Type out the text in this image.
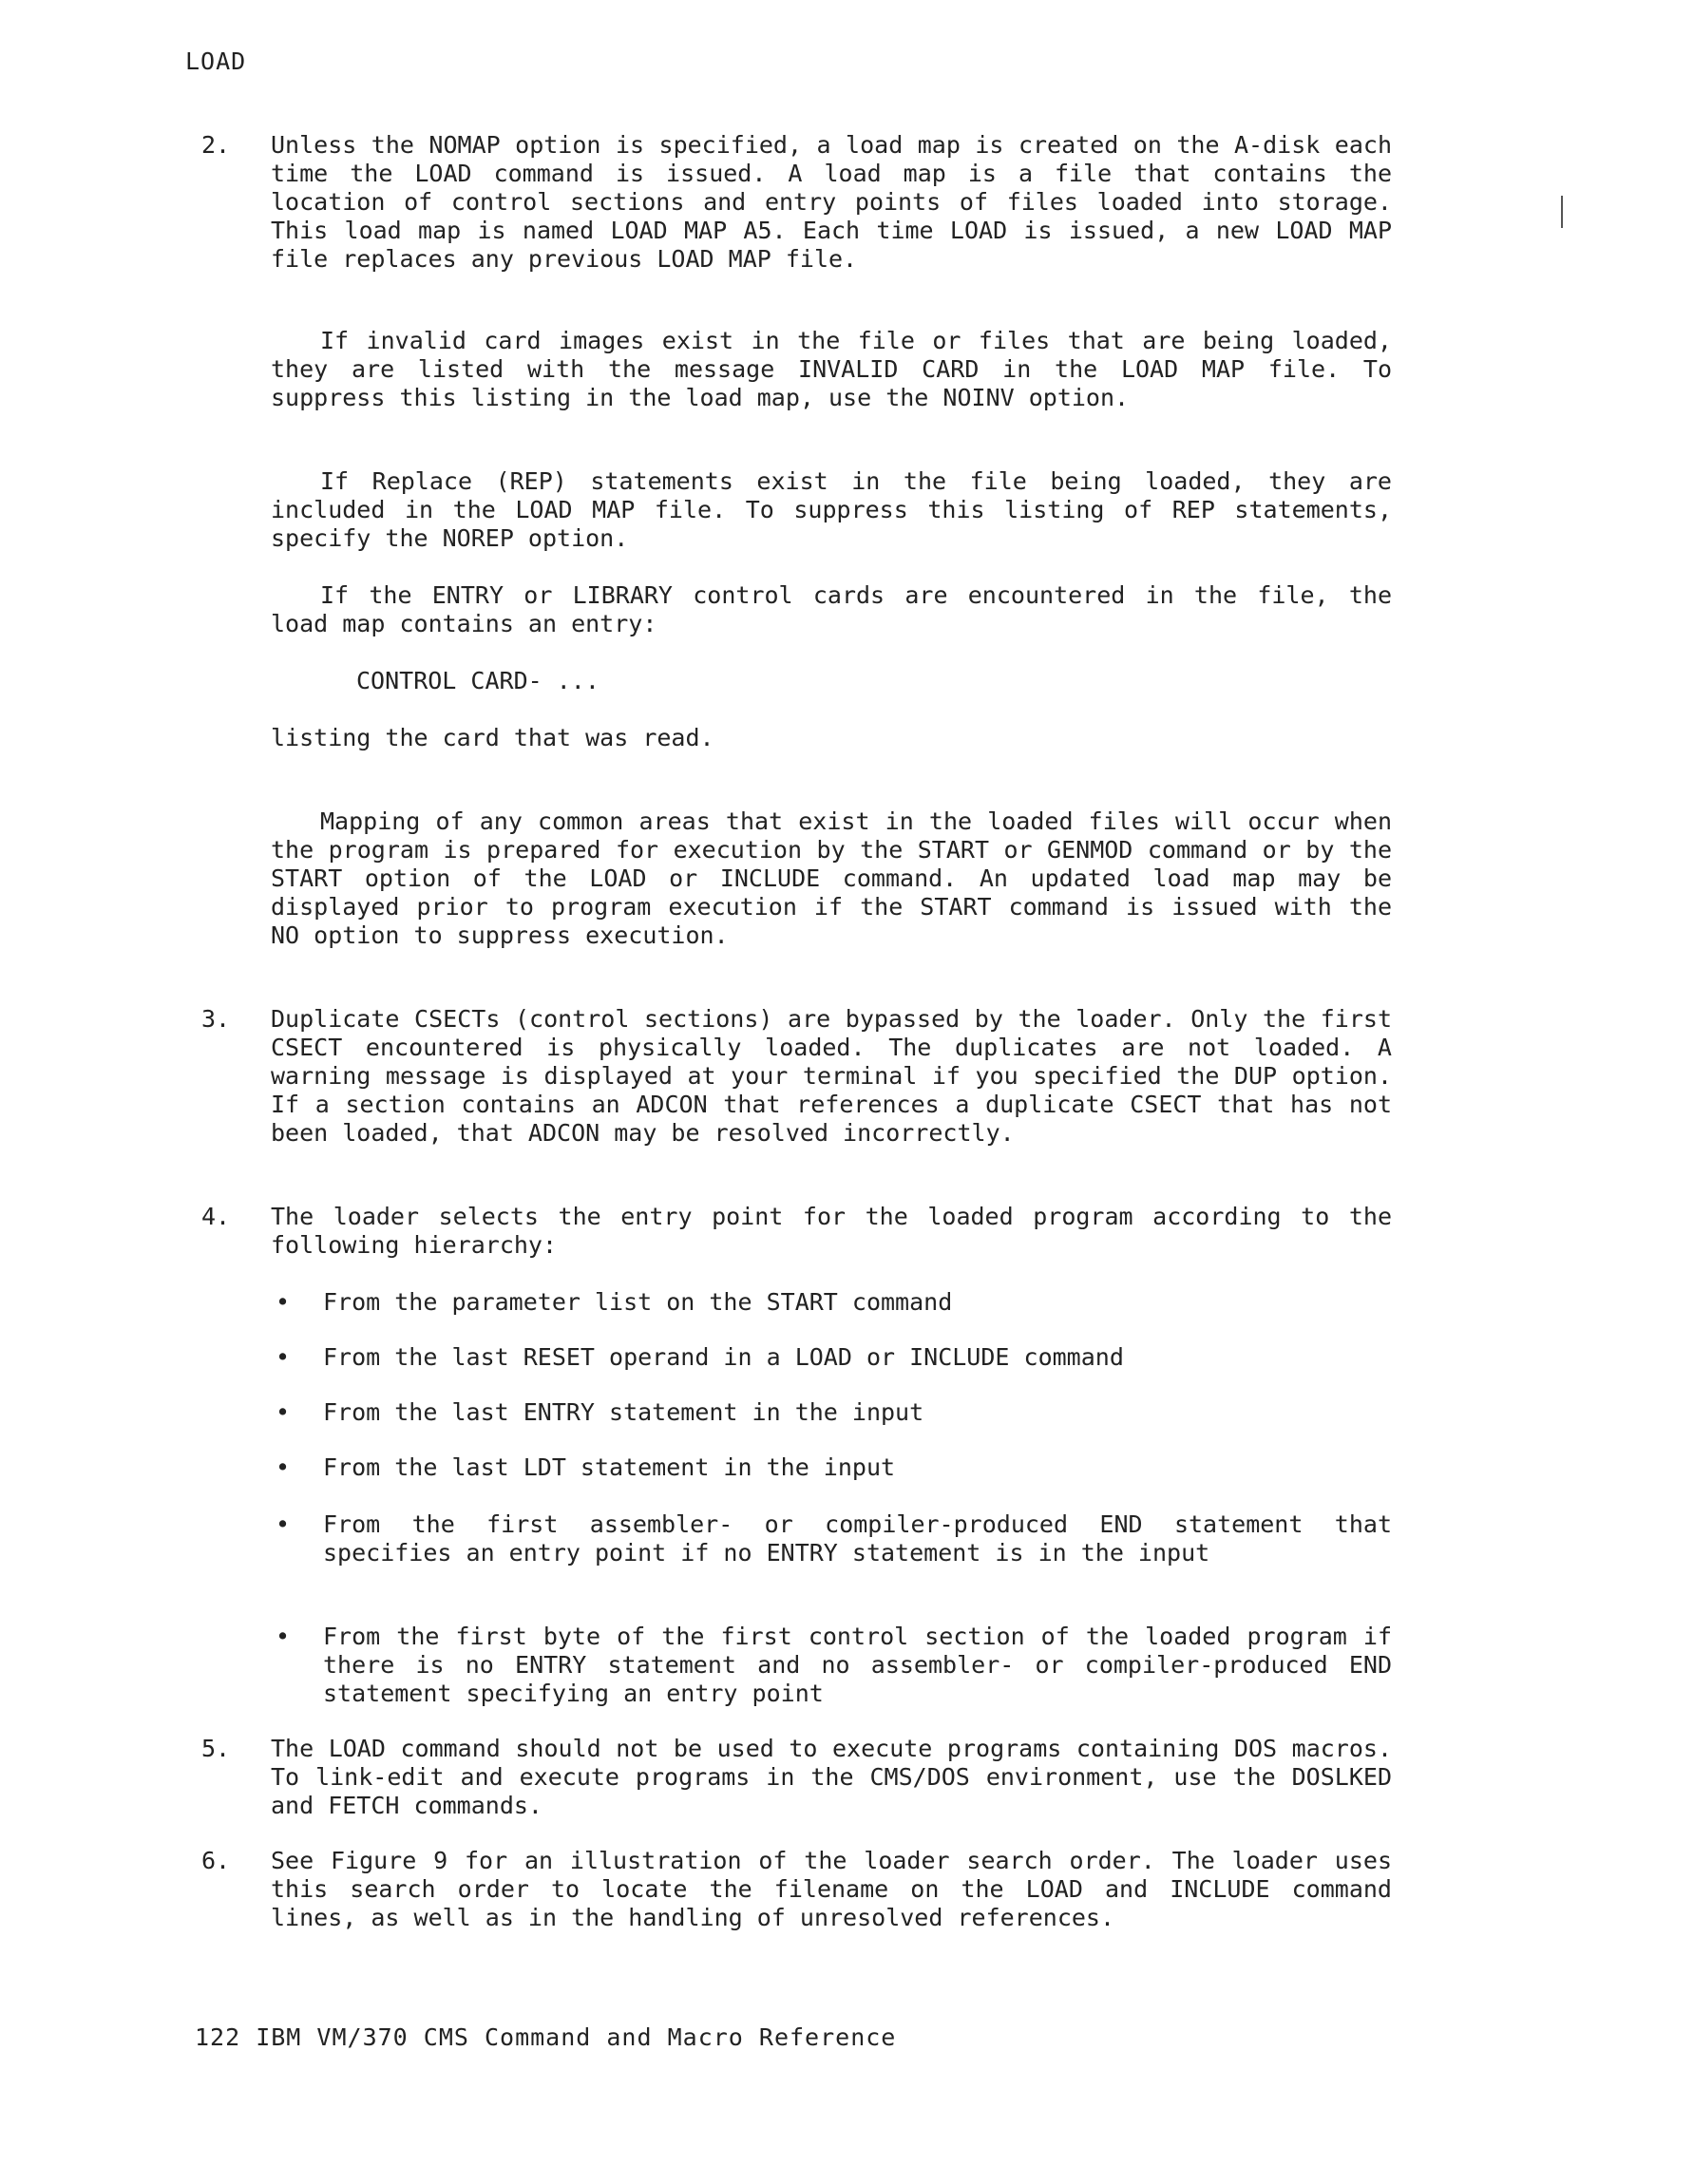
LOAD
2.	Unless the NOMAP option is specified, a load map is created on the A-disk each time the LOAD command is issued. A load map is a file that contains the location of control sections and entry points of files loaded into storage. This load map is named LOAD MAP A5. Each time LOAD is issued, a new LOAD MAP file replaces any previous LOAD MAP file.
If invalid card images exist in the file or files that are being loaded, they are listed with the message INVALID CARD in the LOAD MAP file. To suppress this listing in the load map, use the NOINV option.
If Replace (REP) statements exist in the file being loaded, they are included in the LOAD MAP file. To suppress this listing of REP statements, specify the NOREP option.
If the ENTRY or LIBRARY control cards are encountered in the file, the load map contains an entry:
CONTROL CARD- ...
listing the card that was read.
Mapping of any common areas that exist in the loaded files will occur when the program is prepared for execution by the START or GENMOD command or by the START option of the LOAD or INCLUDE command. An updated load map may be displayed prior to program execution if the START command is issued with the NO option to suppress execution.
3.	Duplicate CSECTs (control sections) are bypassed by the loader. Only the first CSECT encountered is physically loaded. The duplicates are not loaded. A warning message is displayed at your terminal if you specified the DUP option. If a section contains an ADCON that references a duplicate CSECT that has not been loaded, that ADCON may be resolved incorrectly.
4.	The loader selects the entry point for the loaded program according to the following hierarchy:
• From the parameter list on the START command
• From the last RESET operand in a LOAD or INCLUDE command
• From the last ENTRY statement in the input
• From the last LDT statement in the input
• From the first assembler- or compiler-produced END statement that specifies an entry point if no ENTRY statement is in the input
• From the first byte of the first control section of the loaded program if there is no ENTRY statement and no assembler- or compiler-produced END statement specifying an entry point
5.	The LOAD command should not be used to execute programs containing DOS macros. To link-edit and execute programs in the CMS/DOS environment, use the DOSLKED and FETCH commands.
6.	See Figure 9 for an illustration of the loader search order. The loader uses this search order to locate the filename on the LOAD and INCLUDE command lines, as well as in the handling of unresolved references.
122 IBM VM/370 CMS Command and Macro Reference
